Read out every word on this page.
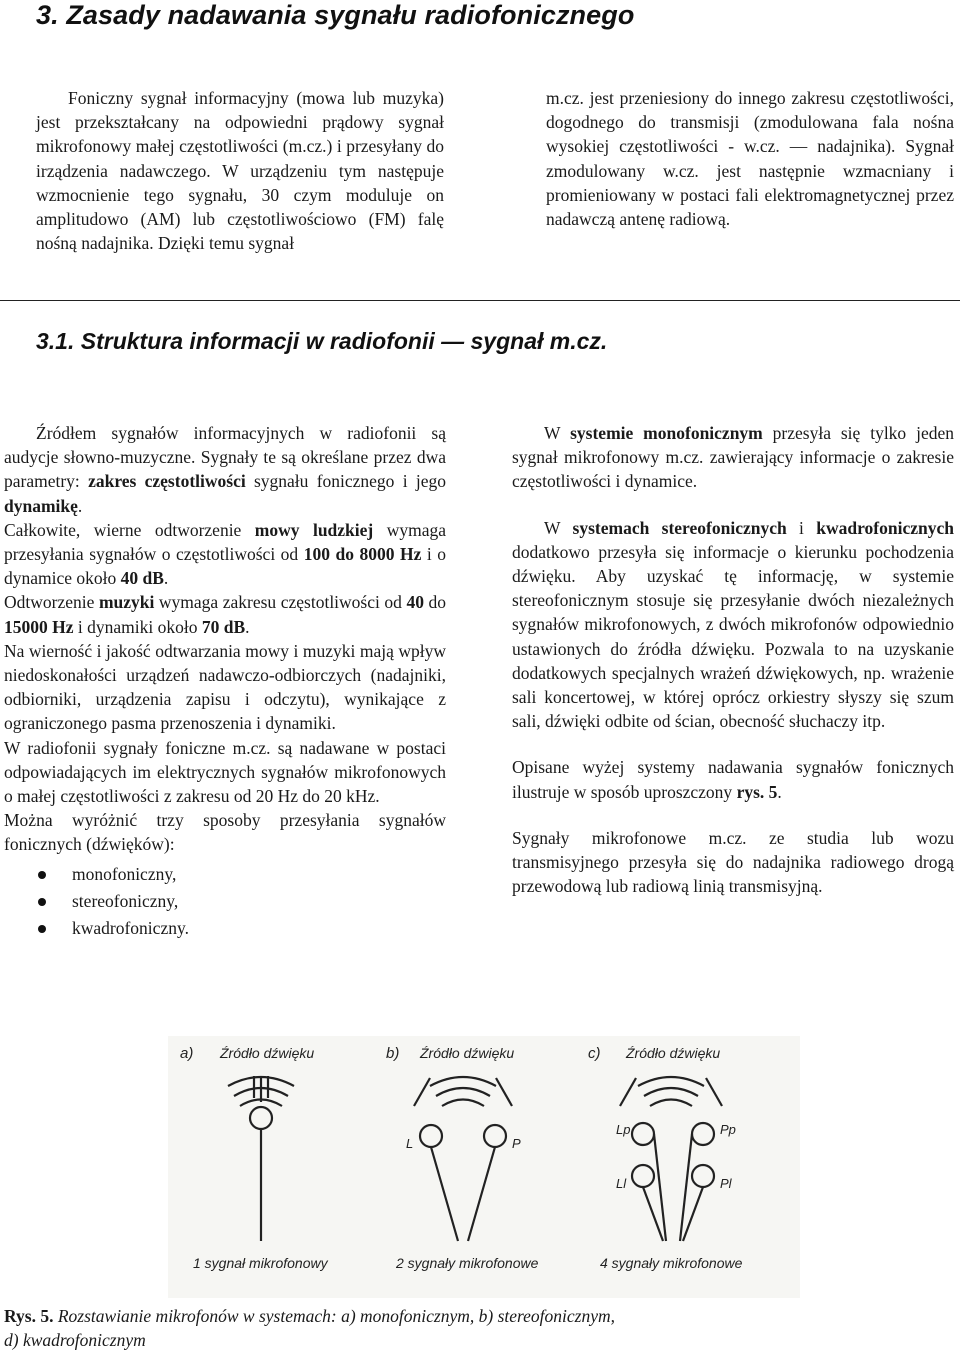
3. Zasady nadawania sygnału radiofonicznego

Foniczny sygnał informacyjny (mowa lub muzyka) jest przekształcany na odpowiedni prądowy sygnał mikrofonowy małej częstotliwości (m.cz.) i przesyłany do irządzenia nadawczego. W urządzeniu tym następuje wzmocnienie tego sygnału, 30 czym moduluje on amplitudowo (AM) lub częstotliwościowo (FM) falę nośną nadajnika. Dzięki temu sygnał

m.cz. jest przeniesiony do innego zakresu częstotliwości, dogodnego do transmisji (zmodulowana fala nośna wysokiej częstotliwości - w.cz. — nadajnika). Sygnał zmodulowany w.cz. jest następnie wzmacniany i promieniowany w postaci fali elektromagnetycznej przez nadawczą antenę radiową.

3.1. Struktura informacji w radiofonii — sygnał m.cz.

Źródłem sygnałów informacyjnych w radiofonii są audycje słowno-muzyczne. Sygnały te są określane przez dwa parametry: zakres częstotliwości sygnału fonicznego i jego dynamikę.

Całkowite, wierne odtworzenie mowy ludzkiej wymaga przesyłania sygnałów o częstotliwości od 100 do 8000 Hz i o dynamice około 40 dB.

Odtworzenie muzyki wymaga zakresu częstotliwości od 40 do 15000 Hz i dynamiki około 70 dB.

Na wierność i jakość odtwarzania mowy i muzyki mają wpływ niedoskonałości urządzeń nadawczo-odbiorczych (nadajniki, odbiorniki, urządzenia zapisu i odczytu), wynikające z ograniczonego pasma przenoszenia i dynamiki.

W radiofonii sygnały foniczne m.cz. są nadawane w postaci odpowiadających im elektrycznych sygnałów mikrofonowych o małej częstotliwości z zakresu od 20 Hz do 20 kHz.

Można wyróżnić trzy sposoby przesyłania sygnałów fonicznych (dźwięków):

monofoniczny,
stereofoniczny,
kwadrofoniczny.

W systemie monofonicznym przesyła się tylko jeden sygnał mikrofonowy m.cz. zawierający informacje o zakresie częstotliwości i dynamice.

W systemach stereofonicznych i kwadrofonicznych dodatkowo przesyła się informacje o kierunku pochodzenia dźwięku. Aby uzyskać tę informację, w systemie stereofonicznym stosuje się przesyłanie dwóch niezależnych sygnałów mikrofonowych, z dwóch mikrofonów odpowiednio ustawionych do źródła dźwięku. Pozwala to na uzyskanie dodatkowych specjalnych wrażeń dźwiękowych, np. wrażenie sali koncertowej, w której oprócz orkiestry słyszy się szum sali, dźwięki odbite od ścian, obecność słuchaczy itp.

Opisane wyżej systemy nadawania sygnałów fonicznych ilustruje w sposób uproszczony rys. 5.

Sygnały mikrofonowe m.cz. ze studia lub wozu transmisyjnego przesyła się do nadajnika radiowego drogą przewodową lub radiową linią transmisyjną.

a) Źródło dźwięku
1 sygnał mikrofonowy
b) Źródło dźwięku
L	P
2 sygnały mikrofonowe
c) Źródło dźwięku
Lp	Pp
Ll	Pl
4 sygnały mikrofonowe
Rys. 5. Rozstawianie mikrofonów w systemach: a) monofonicznym, b) stereofonicznym,
d) kwadrofonicznym
